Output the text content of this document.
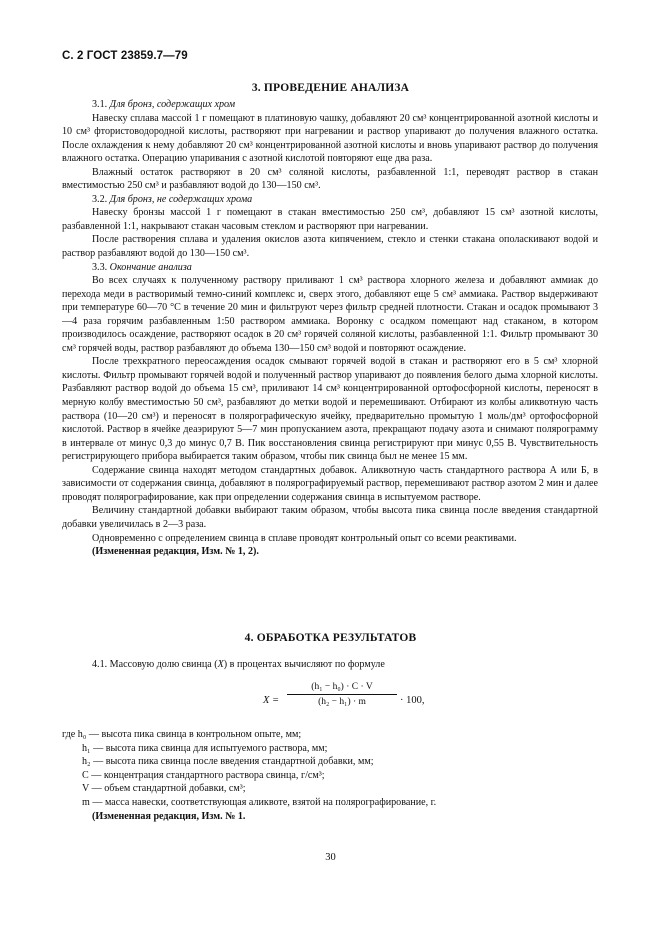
С. 2 ГОСТ 23859.7—79
3. ПРОВЕДЕНИЕ АНАЛИЗА

3.1. Для бронз, содержащих хром

Навеску сплава массой 1 г помещают в платиновую чашку, добавляют 20 см³ концентрированной азотной кислоты и 10 см³ фтористоводородной кислоты, растворяют при нагревании и раствор упаривают до получения влажного остатка. После охлаждения к нему добавляют 20 см³ концентрированной азотной кислоты и вновь упаривают раствор до получения влажного остатка. Операцию упаривания с азотной кислотой повторяют еще два раза.

Влажный остаток растворяют в 20 см³ соляной кислоты, разбавленной 1:1, переводят раствор в стакан вместимостью 250 см³ и разбавляют водой до 130—150 см³.

3.2. Для бронз, не содержащих хрома

Навеску бронзы массой 1 г помещают в стакан вместимостью 250 см³, добавляют 15 см³ азотной кислоты, разбавленной 1:1, накрывают стакан часовым стеклом и растворяют при нагревании.

После растворения сплава и удаления окислов азота кипячением, стекло и стенки стакана ополаскивают водой и раствор разбавляют водой до 130—150 см³.

3.3. Окончание анализа

Во всех случаях к полученному раствору приливают 1 см³ раствора хлорного железа и добавляют аммиак до перехода меди в растворимый темно-синий комплекс и, сверх этого, добавляют еще 5 см³ аммиака. Раствор выдерживают при температуре 60—70 °С в течение 20 мин и фильтруют через фильтр средней плотности. Стакан и осадок промывают 3—4 раза горячим разбавленным 1:50 раствором аммиака. Воронку с осадком помещают над стаканом, в котором производилось осаждение, растворяют осадок в 20 см³ горячей соляной кислоты, разбавленной 1:1. Фильтр промывают 30 см³ горячей воды, раствор разбавляют до объема 130—150 см³ водой и повторяют осаждение.

После трехкратного переосаждения осадок смывают горячей водой в стакан и растворяют его в 5 см³ хлорной кислоты. Фильтр промывают горячей водой и полученный раствор упаривают до появления белого дыма хлорной кислоты. Разбавляют раствор водой до объема 15 см³, приливают 14 см³ концентрированной ортофосфорной кислоты, переносят в мерную колбу вместимостью 50 см³, разбавляют до метки водой и перемешивают. Отбирают из колбы аликвотную часть раствора (10—20 см³) и переносят в полярографическую ячейку, предварительно промытую 1 моль/дм³ ортофосфорной кислотой. Раствор в ячейке деаэрируют 5—7 мин пропусканием азота, прекращают подачу азота и снимают полярограмму в интервале от минус 0,3 до минус 0,7 В. Пик восстановления свинца регистрируют при минус 0,55 В. Чувствительность регистрирующего прибора выбирается таким образом, чтобы пик свинца был не менее 15 мм.

Содержание свинца находят методом стандартных добавок. Аликвотную часть стандартного раствора А или Б, в зависимости от содержания свинца, добавляют в полярографируемый раствор, перемешивают раствор азотом 2 мин и далее проводят полярографирование, как при определении содержания свинца в испытуемом растворе.

Величину стандартной добавки выбирают таким образом, чтобы высота пика свинца после введения стандартной добавки увеличилась в 2—3 раза.

Одновременно с определением свинца в сплаве проводят контрольный опыт со всеми реактивами.

(Измененная редакция, Изм. № 1, 2).

4. ОБРАБОТКА РЕЗУЛЬТАТОВ

4.1. Массовую долю свинца (X) в процентах вычисляют по формуле

X =
(h₁ − h₀) · C · V
(h₂ − h₁) · m	· 100,
где h₀ — высота пика свинца в контрольном опыте, мм;
h₁ — высота пика свинца для испытуемого раствора, мм;
h₂ — высота пика свинца после введения стандартной добавки, мм;
C — концентрация стандартного раствора свинца, г/см³;
V — объем стандартной добавки, см³;
m — масса навески, соответствующая аликвоте, взятой на полярографирование, г.
(Измененная редакция, Изм. № 1.
30
